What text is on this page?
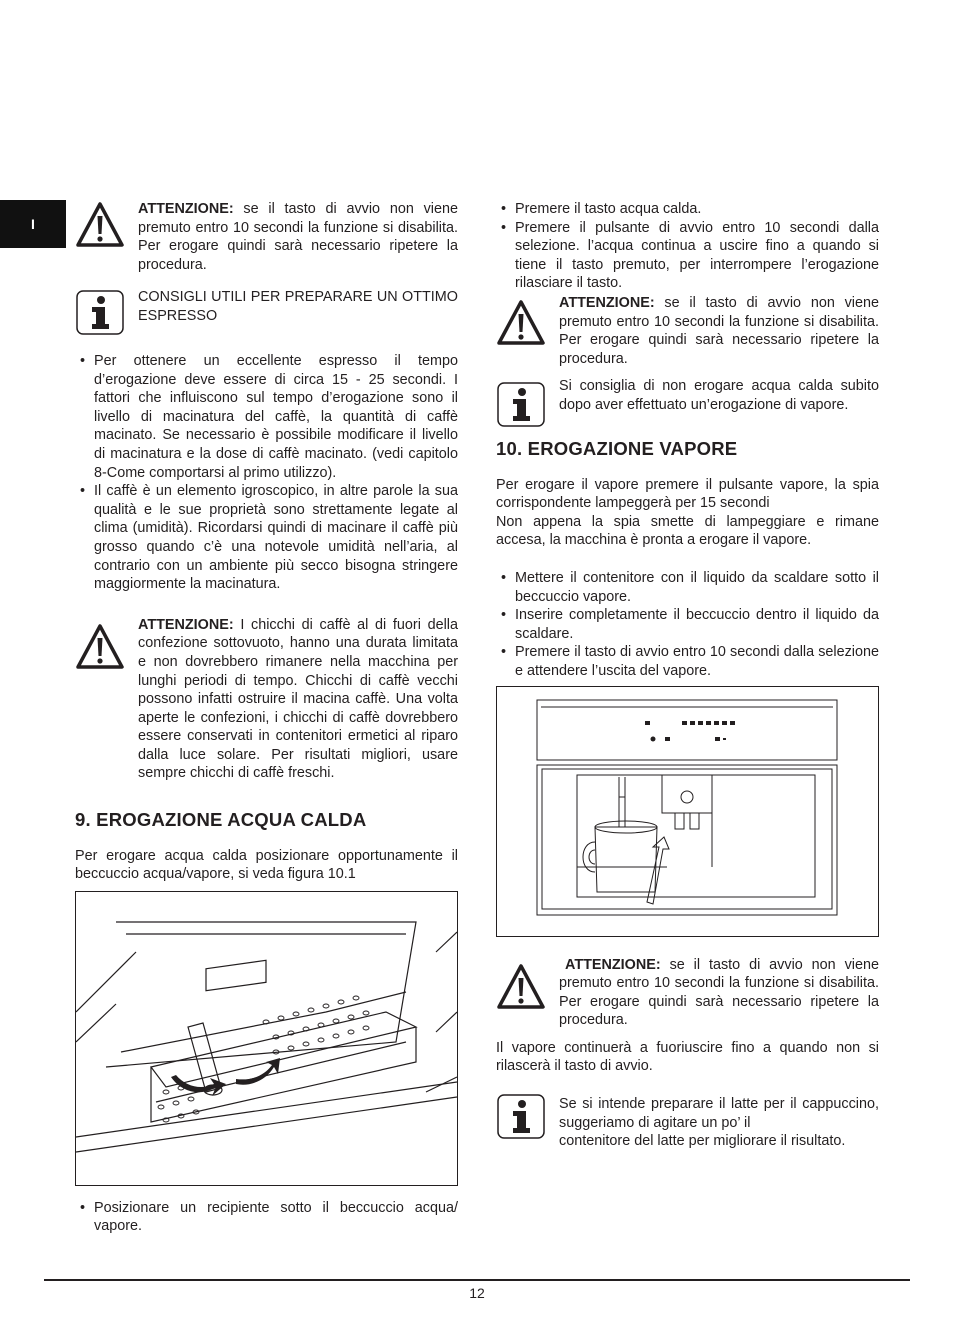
I

ATTENZIONE: se il tasto di avvio non viene premuto entro 10 secondi la funzione si disabilita. Per erogare quindi sarà necessario ripetere la procedura.

CONSIGLI UTILI PER PREPARARE UN OTTIMO ESPRESSO

• Per ottenere un eccellente espresso il tempo d’erogazione deve essere di circa 15 - 25 secondi. I fattori che influiscono sul tempo d’erogazione sono il livello di macinatura del caffè, la quantità di caffè macinato. Se necessario è possibile modificare il livello di macinatura e la dose di caffè macinato. (vedi capitolo 8-Come comportarsi al primo utilizzo).
• Il caffè è un elemento igroscopico, in altre parole la sua qualità e le sue proprietà sono strettamente legate al clima (umidità). Ricordarsi quindi di macinare il caffè più grosso quando c’è una notevole umidità nell’aria, al contrario con un ambiente più secco bisogna stringere maggiormente la macinatura.

ATTENZIONE: I chicchi di caffè al di fuori della confezione sottovuoto, hanno una durata limitata e non dovrebbero rimanere nella macchina per lunghi periodi di tempo. Chicchi di caffè vecchi possono infatti ostruire il macina caffè. Una volta aperte le confezioni, i chicchi di caffè dovrebbero essere conservati in contenitori ermetici al riparo dalla luce solare. Per risultati migliori, usare sempre chicchi di caffè freschi.

9. EROGAZIONE ACQUA CALDA

Per erogare acqua calda posizionare opportunamente il beccuccio acqua/vapore, si veda figura 10.1

• Posizionare un recipiente sotto il beccuccio acqua/ vapore.
• Premere il tasto acqua calda.
• Premere il pulsante di avvio entro 10 secondi dalla selezione. l’acqua continua a uscire fino a quando si tiene il tasto premuto, per interrompere l’erogazione rilasciare il tasto.

ATTENZIONE: se il tasto di avvio non viene premuto entro 10 secondi la funzione si disabilita. Per erogare quindi sarà necessario ripetere la procedura.

Si consiglia di non erogare acqua calda subito dopo aver effettuato un’erogazione di vapore.

10. EROGAZIONE VAPORE

Per erogare il vapore premere il pulsante vapore, la spia corrispondente lampeggerà per 15 secondi

Non appena la spia smette di lampeggiare e rimane accesa, la macchina è pronta a erogare il vapore.

• Mettere il contenitore con il liquido da scaldare sotto il beccuccio vapore.
• Inserire completamente il beccuccio dentro il liquido da scaldare.
• Premere il tasto di avvio entro 10 secondi dalla selezione e attendere l’uscita del vapore.

ATTENZIONE: se il tasto di avvio non viene premuto entro 10 secondi la funzione si disabilita. Per erogare quindi sarà necessario ripetere la procedura.

Il vapore continuerà a fuoriuscire fino a quando non si rilascerà il tasto di avvio.

Se si intende preparare il latte per il cappuccino, suggeriamo di agitare un po’ il

contenitore del latte per migliorare il risultato.

12
